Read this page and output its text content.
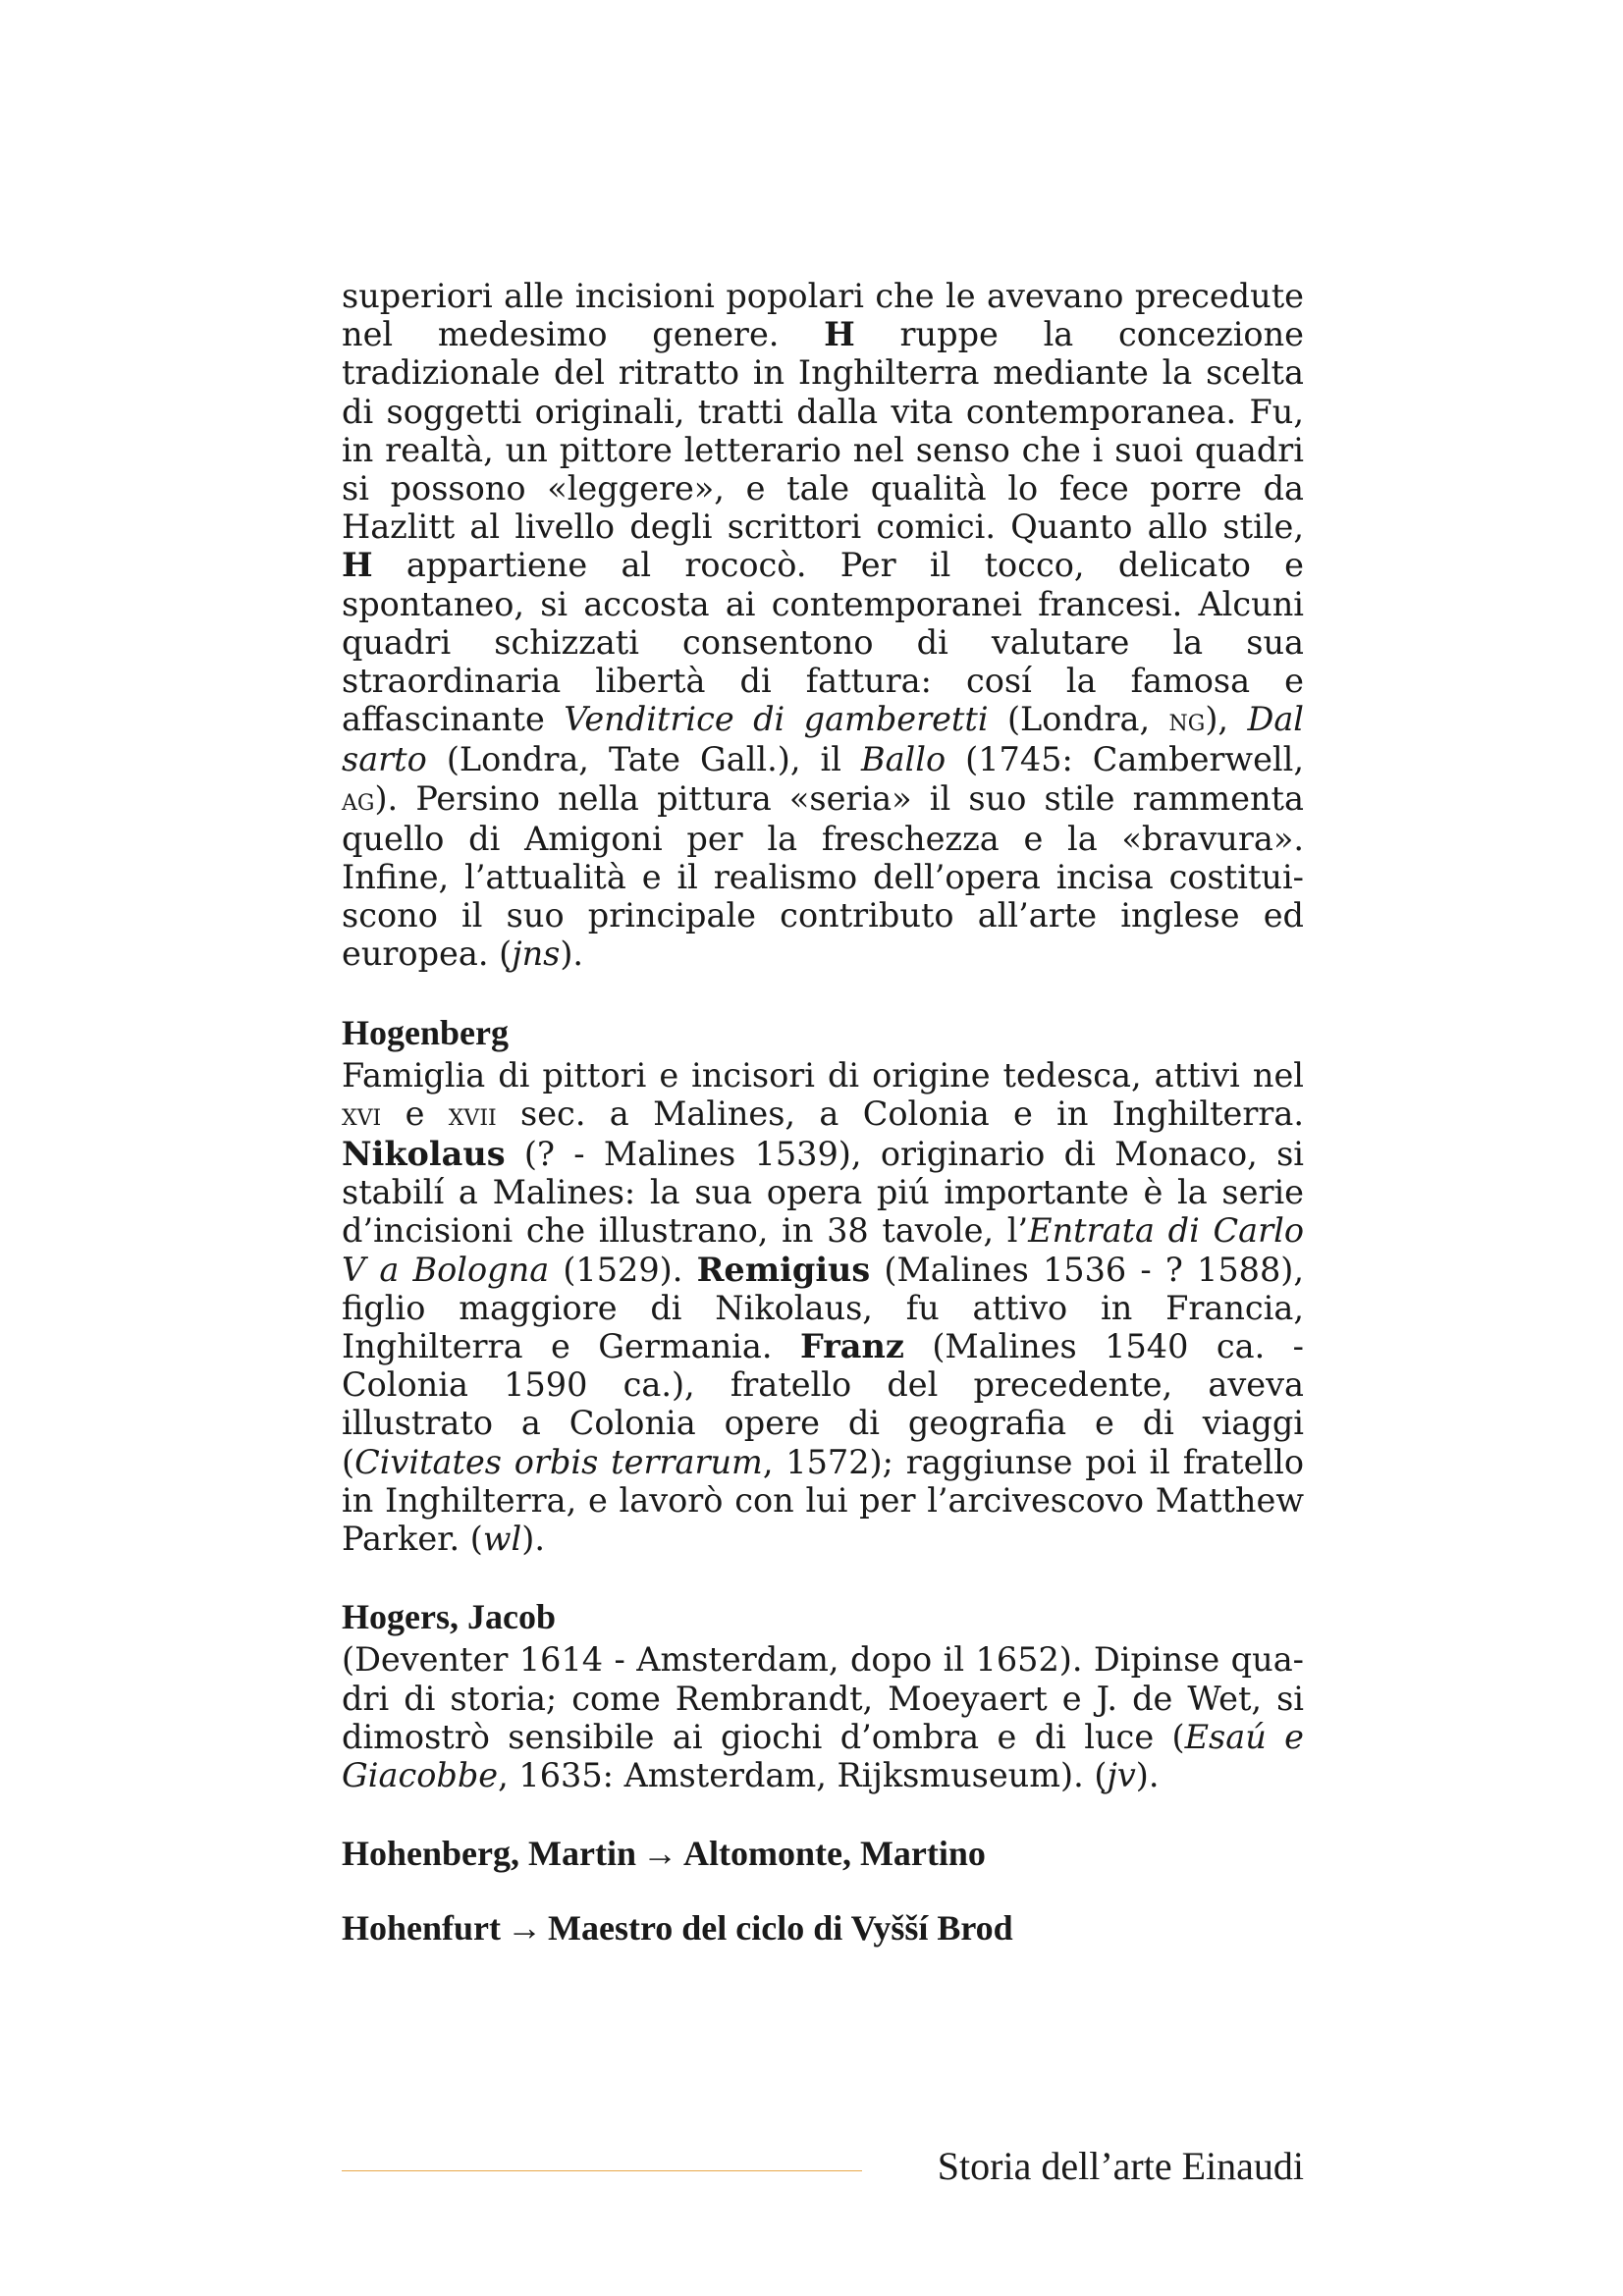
superiori alle incisioni popolari che le avevano precedute nel medesimo genere. H ruppe la concezione tradizionale del ritratto in Inghilterra mediante la scelta di soggetti originali, tratti dalla vita contemporanea. Fu, in realtà, un pittore letterario nel senso che i suoi quadri si possono «leggere», e tale qualità lo fece porre da Hazlitt al livello degli scrittori comici. Quanto allo stile, H appartiene al rococò. Per il tocco, delicato e spontaneo, si accosta ai contemporanei francesi. Alcuni quadri schizzati consentono di valutare la sua straordinaria libertà di fattura: cosí la famosa e affascinante Venditrice di gamberetti (Londra, ng), Dal sarto (Londra, Tate Gall.), il Ballo (1745: Camberwell, ag). Persino nella pittura «seria» il suo stile rammenta quello di Amigoni per la freschezza e la «bravura». Infine, l’attualità e il realismo dell’opera incisa costituiscono il suo principale contributo all’arte inglese ed europea. (jns).

Hogenberg

Famiglia di pittori e incisori di origine tedesca, attivi nel xvi e xvii sec. a Malines, a Colonia e in Inghilterra. Nikolaus (? - Malines 1539), originario di Monaco, si stabilí a Malines: la sua opera piú importante è la serie d’incisioni che illustrano, in 38 tavole, l’Entrata di Carlo V a Bologna (1529). Remigius (Malines 1536 - ? 1588), figlio maggiore di Nikolaus, fu attivo in Francia, Inghilterra e Germania. Franz (Malines 1540 ca. - Colonia 1590 ca.), fratello del precedente, aveva illustrato a Colonia opere di geografia e di viaggi (Civitates orbis terrarum, 1572); raggiunse poi il fratello in Inghilterra, e lavorò con lui per l’arcivescovo Matthew Parker. (wl).

Hogers, Jacob

(Deventer 1614 - Amsterdam, dopo il 1652). Dipinse quadri di storia; come Rembrandt, Moeyaert e J. de Wet, si dimostrò sensibile ai giochi d’ombra e di luce (Esaú e Giacobbe, 1635: Amsterdam, Rijksmuseum). (jv).

Hohenberg, Martin → Altomonte, Martino
Hohenfurt → Maestro del ciclo di Vyšší Brod
Storia dell’arte Einaudi
